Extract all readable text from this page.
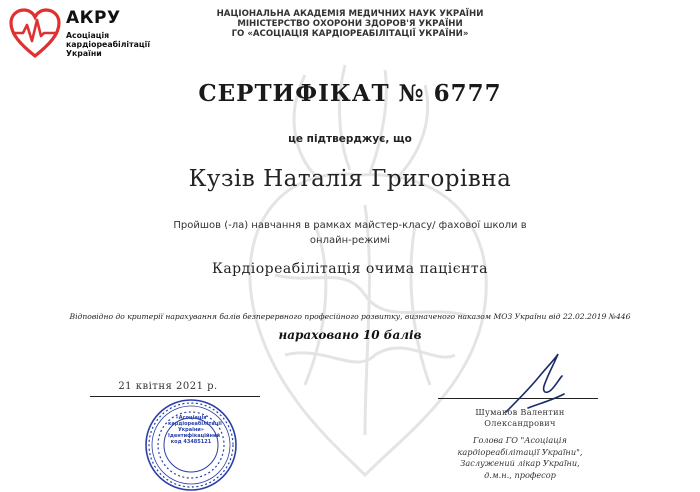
АКРУ
Асоціація кардіореабілітації України
НАЦІОНАЛЬНА АКАДЕМІЯ МЕДИЧНИХ НАУК УКРАЇНИ
МІНІСТЕРСТВО ОХОРОНИ ЗДОРОВ'Я УКРАЇНИ
ГО «АСОЦІАЦІЯ КАРДІОРЕАБІЛІТАЦІЇ УКРАЇНИ»
СЕРТИФІКАТ № 6777
це підтверджує, що
Кузів Наталія Григорівна
Пройшов (-ла) навчання в рамках майстер-класу/ фахової школи в
онлайн-режимі
Кардіореабілітація очима пацієнта
Відповідно до критерії нарахування балів безперервного професійного розвитку, визначеного наказом МОЗ України від 22.02.2019 №446
нараховано 10 балів
21 квітня 2021 р.
«Асоціація
кардіореабілітації
України»
Ідентифікаційний
код 43485121
Шумаков Валентин
Олександрович
Голова ГО "Асоціація
кардіореабілітації України",
Заслужений лікар України,
д.м.н., професор
